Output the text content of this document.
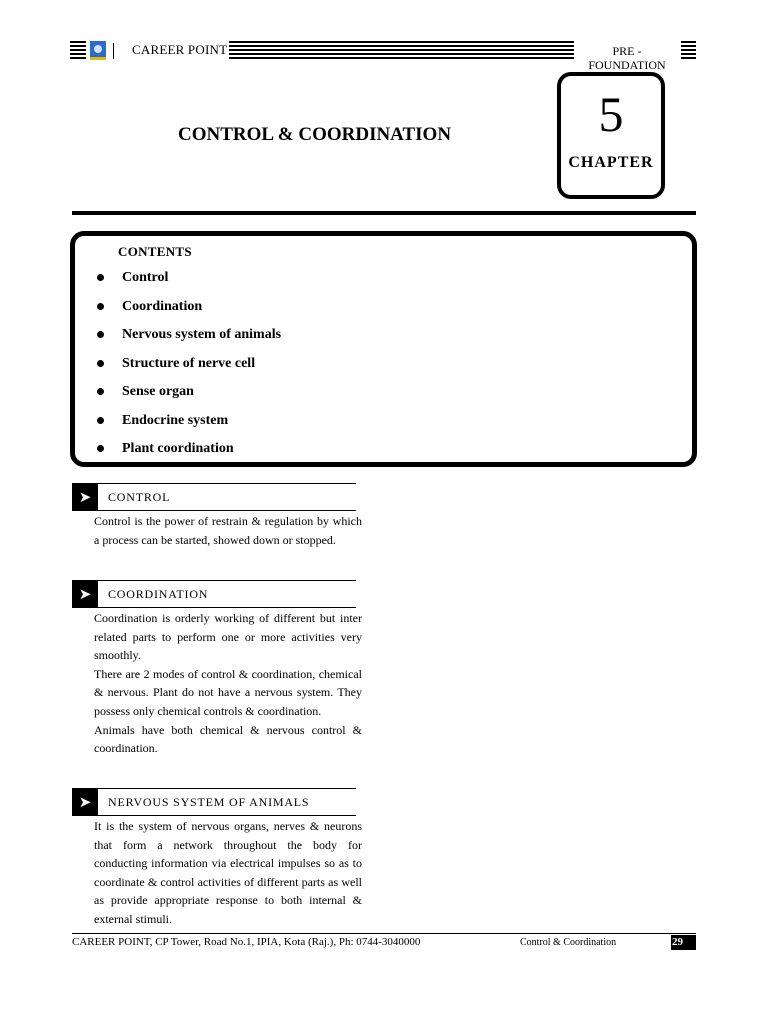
CAREER POINT	PRE - FOUNDATION
CONTROL & COORDINATION	5
CHAPTER
CONTENTS
Control
Coordination
Nervous system of animals
Structure of nerve cell
Sense organ
Endocrine system
Plant coordination
➤	CONTROL

Control is the power of restrain & regulation by which a process can be started, showed down or stopped.

➤	COORDINATION

Coordination is orderly working of different but inter related parts to perform one or more activities very smoothly.

There are 2 modes of control & coordination, chemical & nervous. Plant do not have a nervous system. They possess only chemical controls & coordination.

Animals have both chemical & nervous control & coordination.

➤	NERVOUS SYSTEM OF ANIMALS

It is the system of nervous organs, nerves & neurons that form a network throughout the body for conducting information via electrical impulses so as to coordinate & control activities of different parts as well as provide appropriate response to both internal & external stimuli.

CAREER POINT, CP Tower, Road No.1, IPIA, Kota (Raj.), Ph: 0744-3040000	Control & Coordination	29
